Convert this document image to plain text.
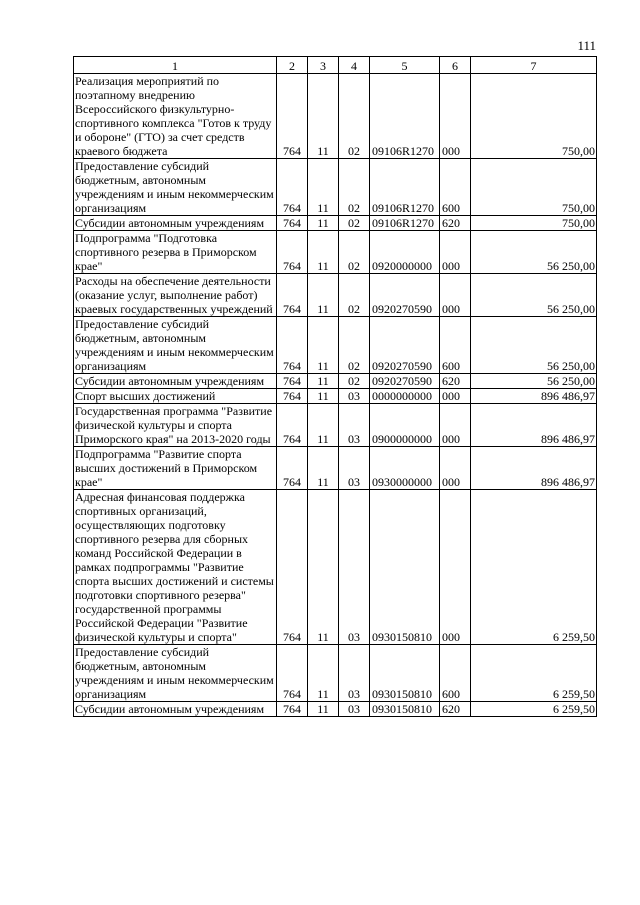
111
1	2	3	4	5	6	7
Реализация мероприятий по поэтапному внедрению Всероссийского физкультурно-спортивного комплекса "Готов к труду и обороне" (ГТО) за счет средств краевого бюджета	764	11	02	09106R1270	000	750,00
Предоставление субсидий бюджетным, автономным учреждениям и иным некоммерческим организациям	764	11	02	09106R1270	600	750,00
Субсидии автономным учреждениям	764	11	02	09106R1270	620	750,00
Подпрограмма "Подготовка спортивного резерва в Приморском крае"	764	11	02	0920000000	000	56 250,00
Расходы на обеспечение деятельности (оказание услуг, выполнение работ) краевых государственных учреждений	764	11	02	0920270590	000	56 250,00
Предоставление субсидий бюджетным, автономным учреждениям и иным некоммерческим организациям	764	11	02	0920270590	600	56 250,00
Субсидии автономным учреждениям	764	11	02	0920270590	620	56 250,00
Спорт высших достижений	764	11	03	0000000000	000	896 486,97
Государственная программа "Развитие физической культуры и спорта Приморского края" на 2013-2020 годы	764	11	03	0900000000	000	896 486,97
Подпрограмма "Развитие спорта высших достижений в Приморском крае"	764	11	03	0930000000	000	896 486,97
Адресная финансовая поддержка спортивных организаций, осуществляющих подготовку спортивного резерва для сборных команд Российской Федерации в рамках подпрограммы "Развитие спорта высших достижений и системы подготовки спортивного резерва" государственной программы Российской Федерации "Развитие физической культуры и спорта"	764	11	03	0930150810	000	6 259,50
Предоставление субсидий бюджетным, автономным учреждениям и иным некоммерческим организациям	764	11	03	0930150810	600	6 259,50
Субсидии автономным учреждениям	764	11	03	0930150810	620	6 259,50
